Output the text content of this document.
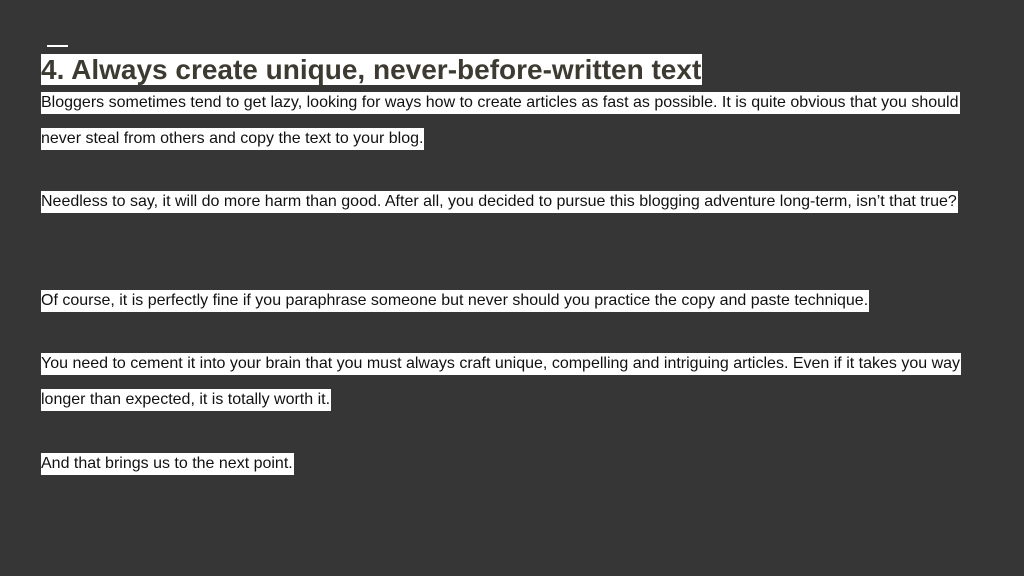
4. Always create unique, never-before-written text

Bloggers sometimes tend to get lazy, looking for ways how to create articles as fast as possible. It is quite obvious that you should never steal from others and copy the text to your blog.

Needless to say, it will do more harm than good. After all, you decided to pursue this blogging adventure long-term, isn’t that true?

Of course, it is perfectly fine if you paraphrase someone but never should you practice the copy and paste technique.

You need to cement it into your brain that you must always craft unique, compelling and intriguing articles. Even if it takes you way longer than expected, it is totally worth it.

And that brings us to the next point.
